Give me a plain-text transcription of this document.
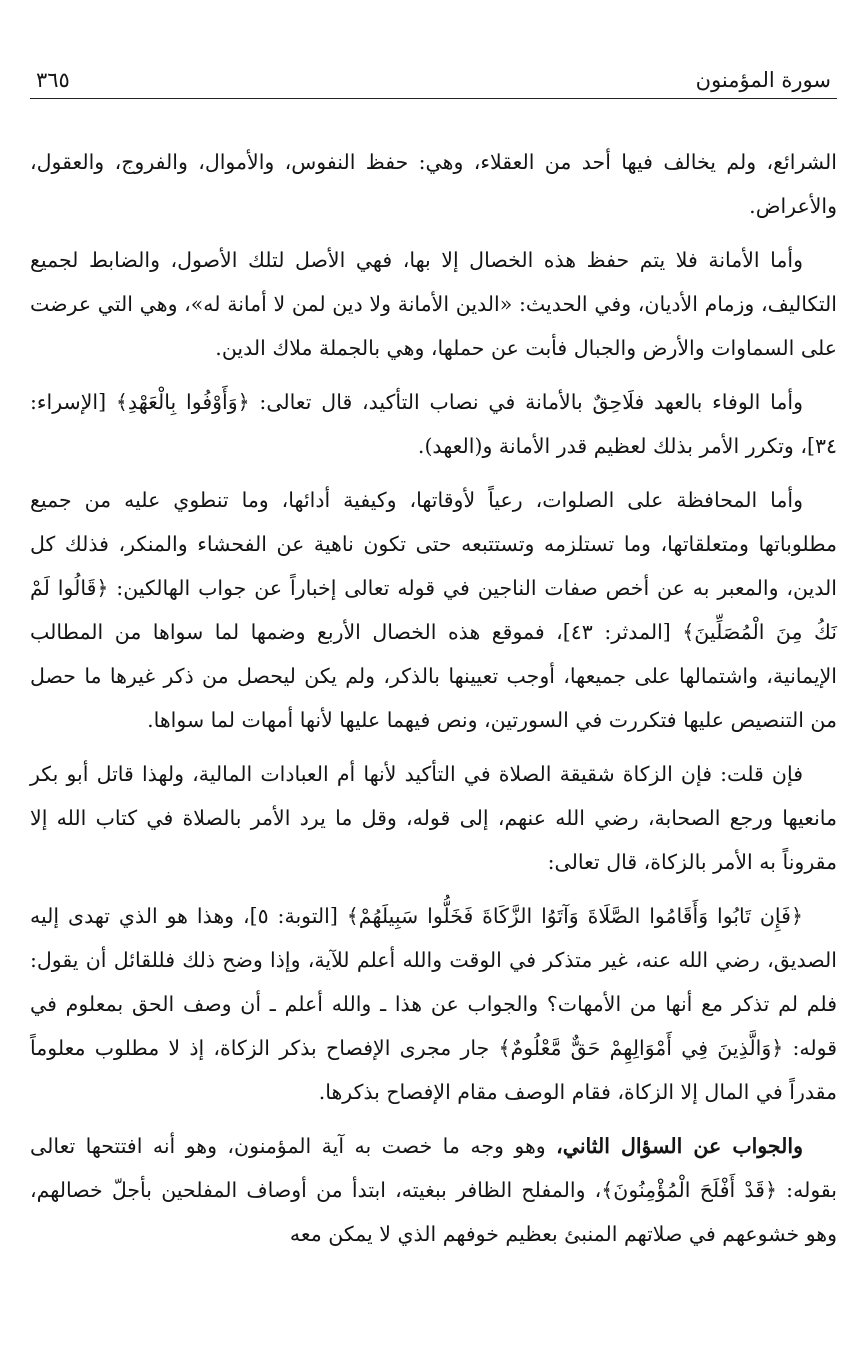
سورة المؤمنون
٣٦٥

الشرائع، ولم يخالف فيها أحد من العقلاء، وهي: حفظ النفوس، والأموال، والفروج، والعقول، والأعراض.

وأما الأمانة فلا يتم حفظ هذه الخصال إلا بها، فهي الأصل لتلك الأصول، والضابط لجميع التكاليف، وزمام الأديان، وفي الحديث: «الدين الأمانة ولا دين لمن لا أمانة له»، وهي التي عرضت على السماوات والأرض والجبال فأبت عن حملها، وهي بالجملة ملاك الدين.

وأما الوفاء بالعهد فلَاحِقٌ بالأمانة في نصاب التأكيد، قال تعالى: ﴿وَأَوْفُوا بِالْعَهْدِ﴾ [الإسراء: ٣٤]، وتكرر الأمر بذلك لعظيم قدر الأمانة و(العهد).

وأما المحافظة على الصلوات، رعياً لأوقاتها، وكيفية أدائها، وما تنطوي عليه من جميع مطلوباتها ومتعلقاتها، وما تستلزمه وتستتبعه حتى تكون ناهية عن الفحشاء والمنكر، فذلك كل الدين، والمعبر به عن أخص صفات الناجين في قوله تعالى إخباراً عن جواب الهالكين: ﴿قَالُوا لَمْ نَكُ مِنَ الْمُصَلِّينَ﴾ [المدثر: ٤٣]، فموقع هذه الخصال الأربع وضمها لما سواها من المطالب الإيمانية، واشتمالها على جميعها، أوجب تعيينها بالذكر، ولم يكن ليحصل من ذكر غيرها ما حصل من التنصيص عليها فتكررت في السورتين، ونص فيهما عليها لأنها أمهات لما سواها.

فإن قلت: فإن الزكاة شقيقة الصلاة في التأكيد لأنها أم العبادات المالية، ولهذا قاتل أبو بكر مانعيها ورجع الصحابة، رضي الله عنهم، إلى قوله، وقل ما يرد الأمر بالصلاة في كتاب الله إلا مقروناً به الأمر بالزكاة، قال تعالى:

﴿فَإِن تَابُوا وَأَقَامُوا الصَّلَاةَ وَآتَوُا الزَّكَاةَ فَخَلُّوا سَبِيلَهُمْ﴾ [التوبة: ٥]، وهذا هو الذي تهدى إليه الصديق، رضي الله عنه، غير متذكر في الوقت والله أعلم للآية، وإذا وضح ذلك فللقائل أن يقول: فلم لم تذكر مع أنها من الأمهات؟ والجواب عن هذا ـ والله أعلم ـ أن وصف الحق بمعلوم في قوله: ﴿وَالَّذِينَ فِي أَمْوَالِهِمْ حَقٌّ مَّعْلُومٌ﴾ جار مجرى الإفصاح بذكر الزكاة، إذ لا مطلوب معلوماً مقدراً في المال إلا الزكاة، فقام الوصف مقام الإفصاح بذكرها.

والجواب عن السؤال الثاني، وهو وجه ما خصت به آية المؤمنون، وهو أنه افتتحها تعالى بقوله: ﴿قَدْ أَفْلَحَ الْمُؤْمِنُونَ﴾، والمفلح الظافر ببغيته، ابتدأ من أوصاف المفلحين بأجلّ خصالهم، وهو خشوعهم في صلاتهم المنبئ بعظيم خوفهم الذي لا يمكن معه
